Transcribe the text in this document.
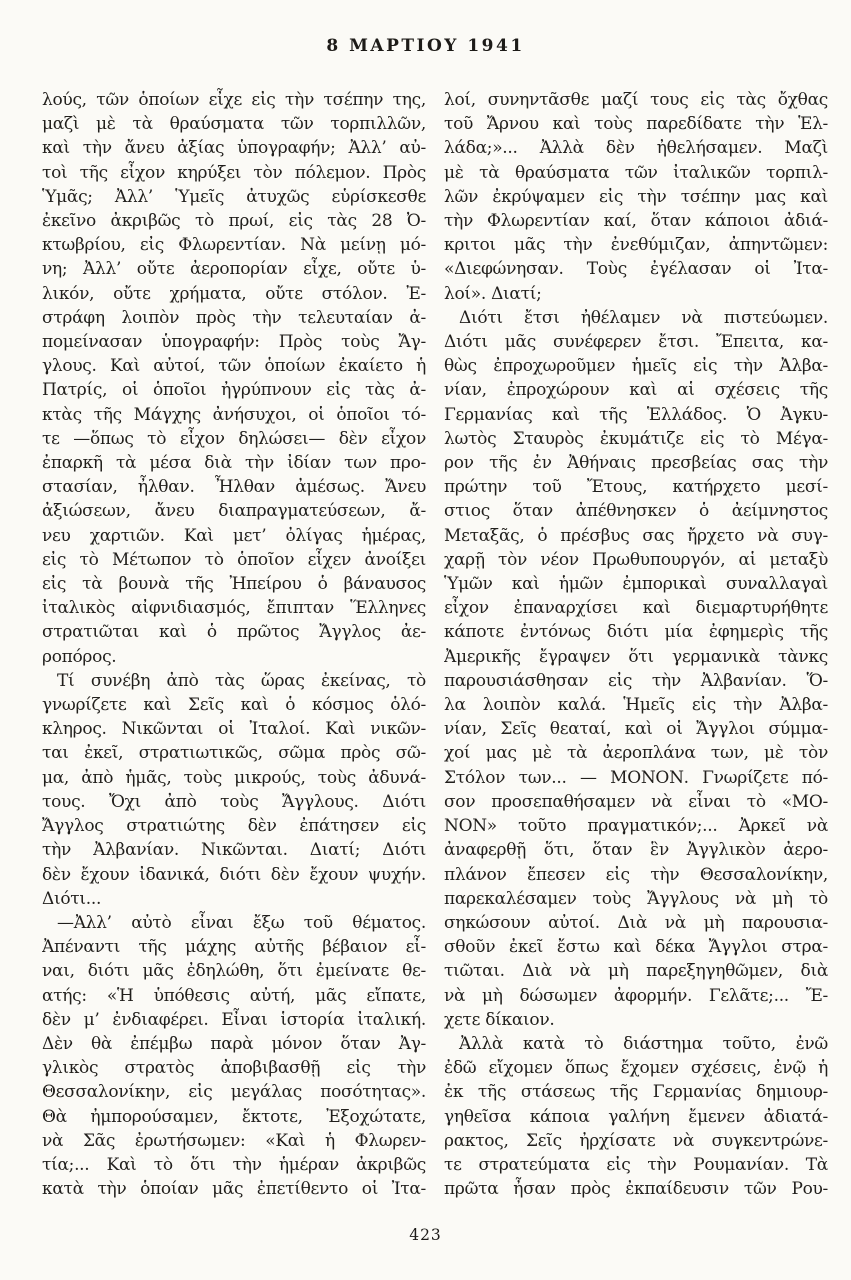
8 ΜΑΡΤΙΟΥ 1941
λούς, τῶν ὁποίων εἶχε εἰς τὴν τσέπην της,
μαζὶ μὲ τὰ θραύσματα τῶν τορπιλλῶν,
καὶ τὴν ἄνευ ἀξίας ὑπογραφήν; Ἀλλ’ αὐ-
τοὶ τῆς εἶχον κηρύξει τὸν πόλεμον. Πρὸς
Ὑμᾶς; Ἀλλ’ Ὑμεῖς ἀτυχῶς εὑρίσκεσθε
ἐκεῖνο ἀκριβῶς τὸ πρωί, εἰς τὰς 28 Ὀ-
κτωβρίου, εἰς Φλωρεντίαν. Νὰ μείνῃ μό-
νη; Ἀλλ’ οὔτε ἀεροπορίαν εἶχε, οὔτε ὑ-
λικόν, οὔτε χρήματα, οὔτε στόλον. Ἐ-
στράφη λοιπὸν πρὸς τὴν τελευταίαν ἀ-
πομείνασαν ὑπογραφήν: Πρὸς τοὺς Ἄγ-
γλους. Καὶ αὐτοί, τῶν ὁποίων ἐκαίετο ἡ
Πατρίς, οἱ ὁποῖοι ἠγρύπνουν εἰς τὰς ἀ-
κτὰς τῆς Μάγχης ἀνήσυχοι, οἱ ὁποῖοι τό-
τε —ὅπως τὸ εἶχον δηλώσει— δὲν εἶχον
ἐπαρκῆ τὰ μέσα διὰ τὴν ἰδίαν των προ-
στασίαν, ἦλθαν. Ἦλθαν ἀμέσως. Ἄνευ
ἀξιώσεων, ἄνευ διαπραγματεύσεων, ἄ-
νευ χαρτιῶν. Καὶ μετ’ ὀλίγας ἡμέρας,
εἰς τὸ Μέτωπον τὸ ὁποῖον εἶχεν ἀνοίξει
εἰς τὰ βουνὰ τῆς Ἠπείρου ὁ βάναυσος
ἰταλικὸς αἰφνιδιασμός, ἔπιπταν Ἕλληνες
στρατιῶται καὶ ὁ πρῶτος Ἄγγλος ἀε-
ροπόρος.
Τί συνέβη ἀπὸ τὰς ὥρας ἐκείνας, τὸ
γνωρίζετε καὶ Σεῖς καὶ ὁ κόσμος ὁλό-
κληρος. Νικῶνται οἱ Ἰταλοί. Καὶ νικῶν-
ται ἐκεῖ, στρατιωτικῶς, σῶμα πρὸς σῶ-
μα, ἀπὸ ἡμᾶς, τοὺς μικρούς, τοὺς ἀδυνά-
τους. Ὄχι ἀπὸ τοὺς Ἄγγλους. Διότι
Ἄγγλος στρατιώτης δὲν ἐπάτησεν εἰς
τὴν Ἀλβανίαν. Νικῶνται. Διατί; Διότι
δὲν ἔχουν ἰδανικά, διότι δὲν ἔχουν ψυχήν.
Διότι...
—Ἀλλ’ αὐτὸ εἶναι ἔξω τοῦ θέματος.
Ἀπέναντι τῆς μάχης αὐτῆς βέβαιον εἶ-
ναι, διότι μᾶς ἐδηλώθη, ὅτι ἐμείνατε θε-
ατής: «Ἡ ὑπόθεσις αὐτή, μᾶς εἴπατε,
δὲν μ’ ἐνδιαφέρει. Εἶναι ἱστορία ἰταλική.
Δὲν θὰ ἐπέμβω παρὰ μόνον ὅταν Ἀγ-
γλικὸς στρατὸς ἀποβιβασθῇ εἰς τὴν
Θεσσαλονίκην, εἰς μεγάλας ποσότητας».
Θὰ ἠμπορούσαμεν, ἔκτοτε, Ἐξοχώτατε,
νὰ Σᾶς ἐρωτήσωμεν: «Καὶ ἡ Φλωρεν-
τία;... Καὶ τὸ ὅτι τὴν ἡμέραν ἀκριβῶς
κατὰ τὴν ὁποίαν μᾶς ἐπετίθεντο οἱ Ἰτα-
λοί, συνηντᾶσθε μαζί τους εἰς τὰς ὄχθας
τοῦ Ἄρνου καὶ τοὺς παρεδίδατε τὴν Ἑλ-
λάδα;»... Ἀλλὰ δὲν ἠθελήσαμεν. Μαζὶ
μὲ τὰ θραύσματα τῶν ἰταλικῶν τορπιλ-
λῶν ἐκρύψαμεν εἰς τὴν τσέπην μας καὶ
τὴν Φλωρεντίαν καί, ὅταν κάποιοι ἀδιά-
κριτοι μᾶς τὴν ἐνεθύμιζαν, ἀπηντῶμεν:
«Διεφώνησαν. Τοὺς ἐγέλασαν οἱ Ἰτα-
λοί». Διατί;
Διότι ἔτσι ἠθέλαμεν νὰ πιστεύωμεν.
Διότι μᾶς συνέφερεν ἔτσι. Ἔπειτα, κα-
θὼς ἐπροχωροῦμεν ἡμεῖς εἰς τὴν Ἀλβα-
νίαν, ἐπροχώρουν καὶ αἱ σχέσεις τῆς
Γερμανίας καὶ τῆς Ἑλλάδος. Ὁ Ἀγκυ-
λωτὸς Σταυρὸς ἐκυμάτιζε εἰς τὸ Μέγα-
ρον τῆς ἐν Ἀθήναις πρεσβείας σας τὴν
πρώτην τοῦ Ἔτους, κατήρχετο μεσί-
στιος ὅταν ἀπέθνησκεν ὁ ἀείμνηστος
Μεταξᾶς, ὁ πρέσβυς σας ἤρχετο νὰ συγ-
χαρῇ τὸν νέον Πρωθυπουργόν, αἱ μεταξὺ
Ὑμῶν καὶ ἡμῶν ἐμπορικαὶ συναλλαγαὶ
εἶχον ἐπαναρχίσει καὶ διεμαρτυρήθητε
κάποτε ἐντόνως διότι μία ἐφημερὶς τῆς
Ἀμερικῆς ἔγραψεν ὅτι γερμανικὰ τὰνκς
παρουσιάσθησαν εἰς τὴν Ἀλβανίαν. Ὅ-
λα λοιπὸν καλά. Ἡμεῖς εἰς τὴν Ἀλβα-
νίαν, Σεῖς θεαταί, καὶ οἱ Ἄγγλοι σύμμα-
χοί μας μὲ τὰ ἀεροπλάνα των, μὲ τὸν
Στόλον των... — ΜΟΝΟΝ. Γνωρίζετε πό-
σον προσεπαθήσαμεν νὰ εἶναι τὸ «ΜΟ-
ΝΟΝ» τοῦτο πραγματικόν;... Ἀρκεῖ νὰ
ἀναφερθῇ ὅτι, ὅταν ἓν Ἀγγλικὸν ἀερο-
πλάνον ἔπεσεν εἰς τὴν Θεσσαλονίκην,
παρεκαλέσαμεν τοὺς Ἄγγλους νὰ μὴ τὸ
σηκώσουν αὐτοί. Διὰ νὰ μὴ παρουσια-
σθοῦν ἐκεῖ ἔστω καὶ δέκα Ἄγγλοι στρα-
τιῶται. Διὰ νὰ μὴ παρεξηγηθῶμεν, διὰ
νὰ μὴ δώσωμεν ἀφορμήν. Γελᾶτε;... Ἔ-
χετε δίκαιον.
Ἀλλὰ κατὰ τὸ διάστημα τοῦτο, ἐνῶ
ἐδῶ εἴχομεν ὅπως ἔχομεν σχέσεις, ἐνῷ ἡ
ἐκ τῆς στάσεως τῆς Γερμανίας δημιουρ-
γηθεῖσα κάποια γαλήνη ἔμενεν ἀδιατά-
ρακτος, Σεῖς ἠρχίσατε νὰ συγκεντρώνε-
τε στρατεύματα εἰς τὴν Ρουμανίαν. Τὰ
πρῶτα ἦσαν πρὸς ἐκπαίδευσιν τῶν Ρου-
423
